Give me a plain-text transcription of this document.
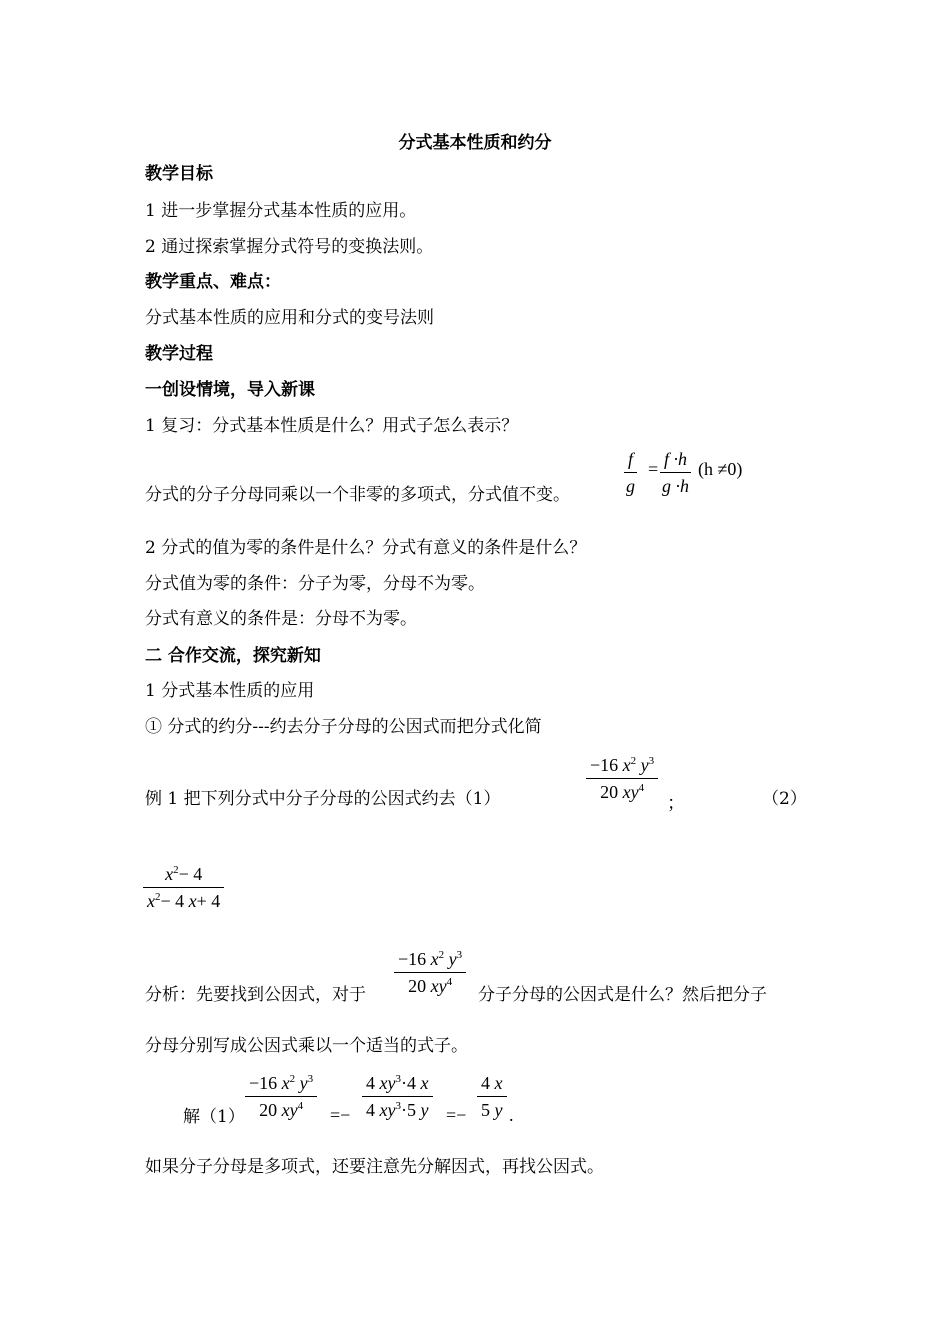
分式基本性质和约分
教学目标
1 进一步掌握分式基本性质的应用。
2 通过探索掌握分式符号的变换法则。
教学重点、难点：
分式基本性质的应用和分式的变号法则
教学过程
一创设情境，导入新课
1 复习：分式基本性质是什么？用式子怎么表示？
分式的分子分母同乘以一个非零的多项式，分式值不变。	$\frac{f}{g} = \frac{f \cdot h}{g \cdot h} (h \ne 0)$
2 分式的值为零的条件是什么？分式有意义的条件是什么？
分式值为零的条件：分子为零，分母不为零。
分式有意义的条件是：分母不为零。
二 合作交流，探究新知
1 分式基本性质的应用
① 分式的约分---约去分子分母的公因式而把分式化简
例 1 把下列分式中分子分母的公因式约去（1）	$\frac{-16 x^2 y^3}{20 xy^4}$ ；	（2）
$\frac{x^2- 4}{x^2- 4 x+ 4}$
分析：先要找到公因式，对于 $\frac{-16 x^2 y^3}{20 xy^4}$ 分子分母的公因式是什么？然后把分子
分母分别写成公因式乘以一个适当的式子。
解$(1) \frac{-16 x^2 y^3}{20 xy^4} =- \frac{4 xy^3\cdot 4 x}{4 xy^3\cdot 5 y} =- \frac{4 x}{5 y}$ .
如果分子分母是多项式，还要注意先分解因式，再找公因式。
